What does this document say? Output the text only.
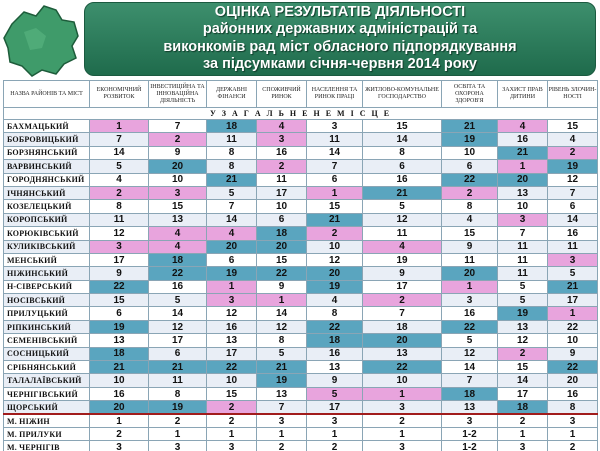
ОЦІНКА РЕЗУЛЬТАТІВ ДІЯЛЬНОСТІ
районних державних адміністрацій та
виконкомів рад міст обласного підпорядкування
за підсумками січня-червня 2014 року
НАЗВА РАЙОНІВ ТА МІСТ	ЕКОНОМІЧНИЙ РОЗВИТОК	ІНВЕСТИЦІЙНА ТА ІННОВАЦІЙНА ДІЯЛЬНІСТЬ	ДЕРЖАВНІ ФІНАНСИ	СПОЖИВЧИЙ РИНОК	НАСЕЛЕННЯ ТА РИНОК ПРАЦІ	ЖИТЛОВО-КОМУНАЛЬНЕ ГОСПОДАРСТВО	ОСВІТА ТА ОХОРОНА ЗДОРОВ'Я	ЗАХИСТ ПРАВ ДИТИНИ	РІВЕНЬ ЗЛОЧИН-НОСТІ
У З А Г А Л Ь Н Е Н Е М І С Ц Е									
БАХМАЦЬКИЙ	1	7	18	4	3	15	21	4	15
БОБРОВИЦЬКИЙ	7	2	11	3	11	14	19	16	4
БОРЗНЯНСЬКИЙ	14	9	8	16	14	8	10	21	2
ВАРВИНСЬКИЙ	5	20	8	2	7	6	6	1	19
ГОРОДНЯНСЬКИЙ	4	10	21	11	6	16	22	20	12
ІЧНЯНСЬКИЙ	2	3	5	17	1	21	2	13	7
КОЗЕЛЕЦЬКИЙ	8	15	7	10	15	5	8	10	6
КОРОПСЬКИЙ	11	13	14	6	21	12	4	3	14
КОРЮКІВСЬКИЙ	12	4	4	18	2	11	15	7	16
КУЛИКІВСЬКИЙ	3	4	20	20	10	4	9	11	11
МЕНСЬКИЙ	17	18	6	15	12	19	11	11	3
НІЖИНСЬКИЙ	9	22	19	22	20	9	20	11	5
Н-СІВЕРСЬКИЙ	22	16	1	9	19	17	1	5	21
НОСІВСЬКИЙ	15	5	3	1	4	2	3	5	17
ПРИЛУЦЬКИЙ	6	14	12	14	8	7	16	19	1
РІПКИНСЬКИЙ	19	12	16	12	22	18	22	13	22
СЕМЕНІВСЬКИЙ	13	17	13	8	18	20	5	12	10
СОСНИЦЬКИЙ	18	6	17	5	16	13	12	2	9
СРІБНЯНСЬКИЙ	21	21	22	21	13	22	14	15	22
ТАЛАЛАЇВСЬКИЙ	10	11	10	19	9	10	7	14	20
ЧЕРНІГІВСЬКИЙ	16	8	15	13	5	1	18	17	16
ЩОРСЬКИЙ	20	19	2	7	17	3	13	18	8
М. НІЖИН	1	2	2	3	3	2	3	2	3
М. ПРИЛУКИ	2	1	1	1	1	1	1-2	1	1
М. ЧЕРНІГІВ	3	3	3	2	2	3	1-2	3	2
